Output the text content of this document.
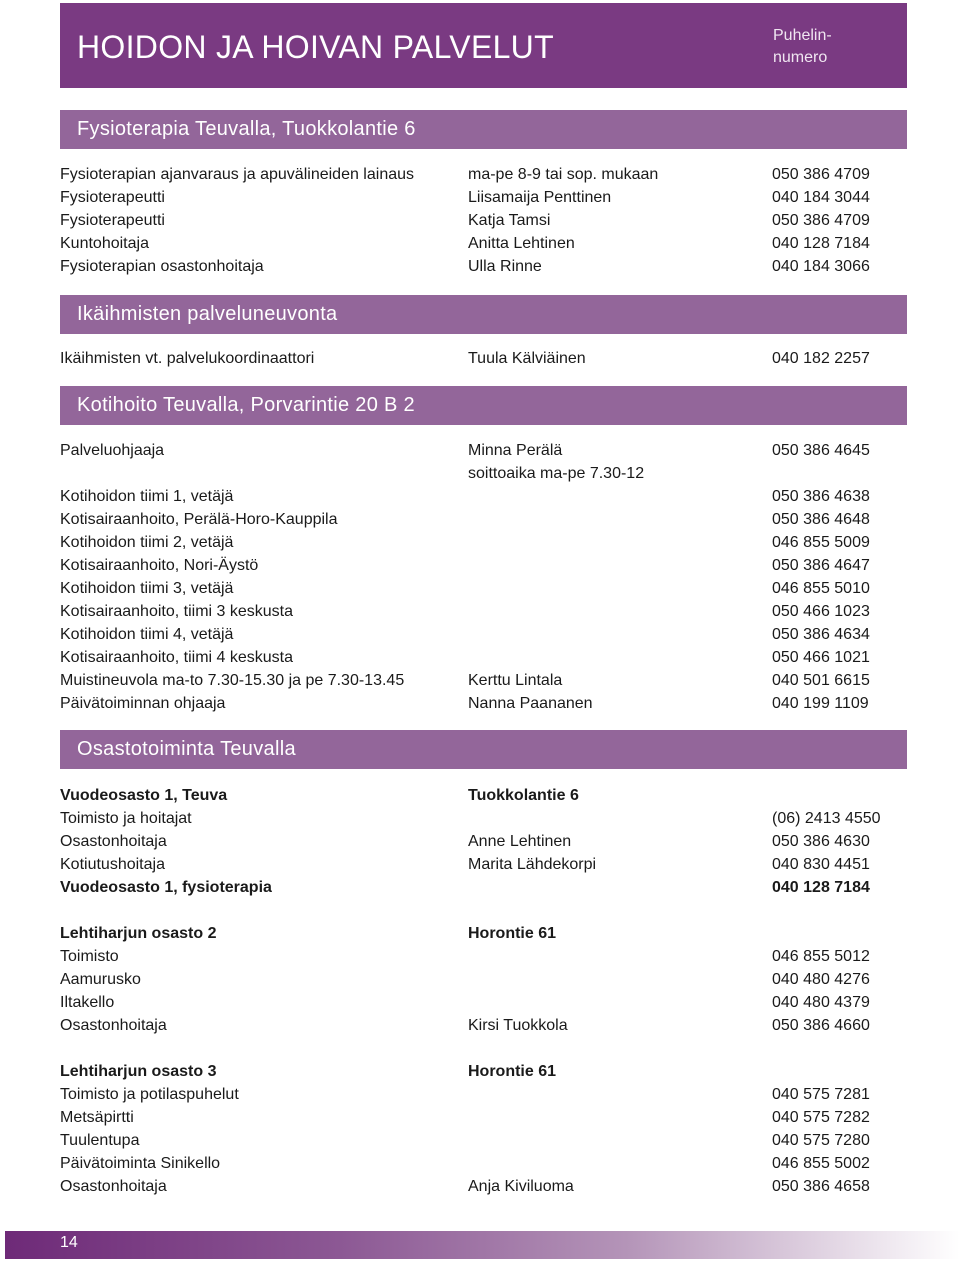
HOIDON JA HOIVAN PALVELUT	Puhelin-
numero
Fysioterapia Teuvalla, Tuokkolantie 6
Ikäihmisten palveluneuvonta
Kotihoito Teuvalla, Porvarintie 20 B 2
Osastotoiminta Teuvalla
Fysioterapian ajanvaraus ja apuvälineiden lainaus	ma-pe 8-9 tai sop. mukaan	050 386 4709
Fysioterapeutti	Liisamaija Penttinen	040 184 3044
Fysioterapeutti	Katja Tamsi	050 386 4709
Kuntohoitaja	Anitta Lehtinen	040 128 7184
Fysioterapian osastonhoitaja	Ulla Rinne	040 184 3066
Ikäihmisten vt. palvelukoordinaattori	Tuula Kälviäinen	040 182 2257
Palveluohjaaja	Minna Perälä	050 386 4645
soittoaika ma-pe 7.30-12
Kotihoidon tiimi 1, vetäjä	050 386 4638
Kotisairaanhoito, Perälä-Horo-Kauppila	050 386 4648
Kotihoidon tiimi 2, vetäjä	046 855 5009
Kotisairaanhoito, Nori-Äystö	050 386 4647
Kotihoidon tiimi 3, vetäjä	046 855 5010
Kotisairaanhoito, tiimi 3 keskusta	050 466 1023
Kotihoidon tiimi 4, vetäjä	050 386 4634
Kotisairaanhoito, tiimi 4 keskusta	050 466 1021
Muistineuvola ma-to 7.30-15.30 ja pe 7.30-13.45	Kerttu Lintala	040 501 6615
Päivätoiminnan ohjaaja	Nanna Paananen	040 199 1109
Vuodeosasto 1, Teuva	Tuokkolantie 6
Toimisto ja hoitajat	(06) 2413 4550
Osastonhoitaja	Anne Lehtinen	050 386 4630
Kotiutushoitaja	Marita Lähdekorpi	040 830 4451
Vuodeosasto 1, fysioterapia	040 128 7184
Lehtiharjun osasto 2	Horontie 61
Toimisto	046 855 5012
Aamurusko	040 480 4276
Iltakello	040 480 4379
Osastonhoitaja	Kirsi Tuokkola	050 386 4660
Lehtiharjun osasto 3	Horontie 61
Toimisto ja potilaspuhelut	040 575 7281
Metsäpirtti	040 575 7282
Tuulentupa	040 575 7280
Päivätoiminta Sinikello	046 855 5002
Osastonhoitaja	Anja Kiviluoma	050 386 4658
14
